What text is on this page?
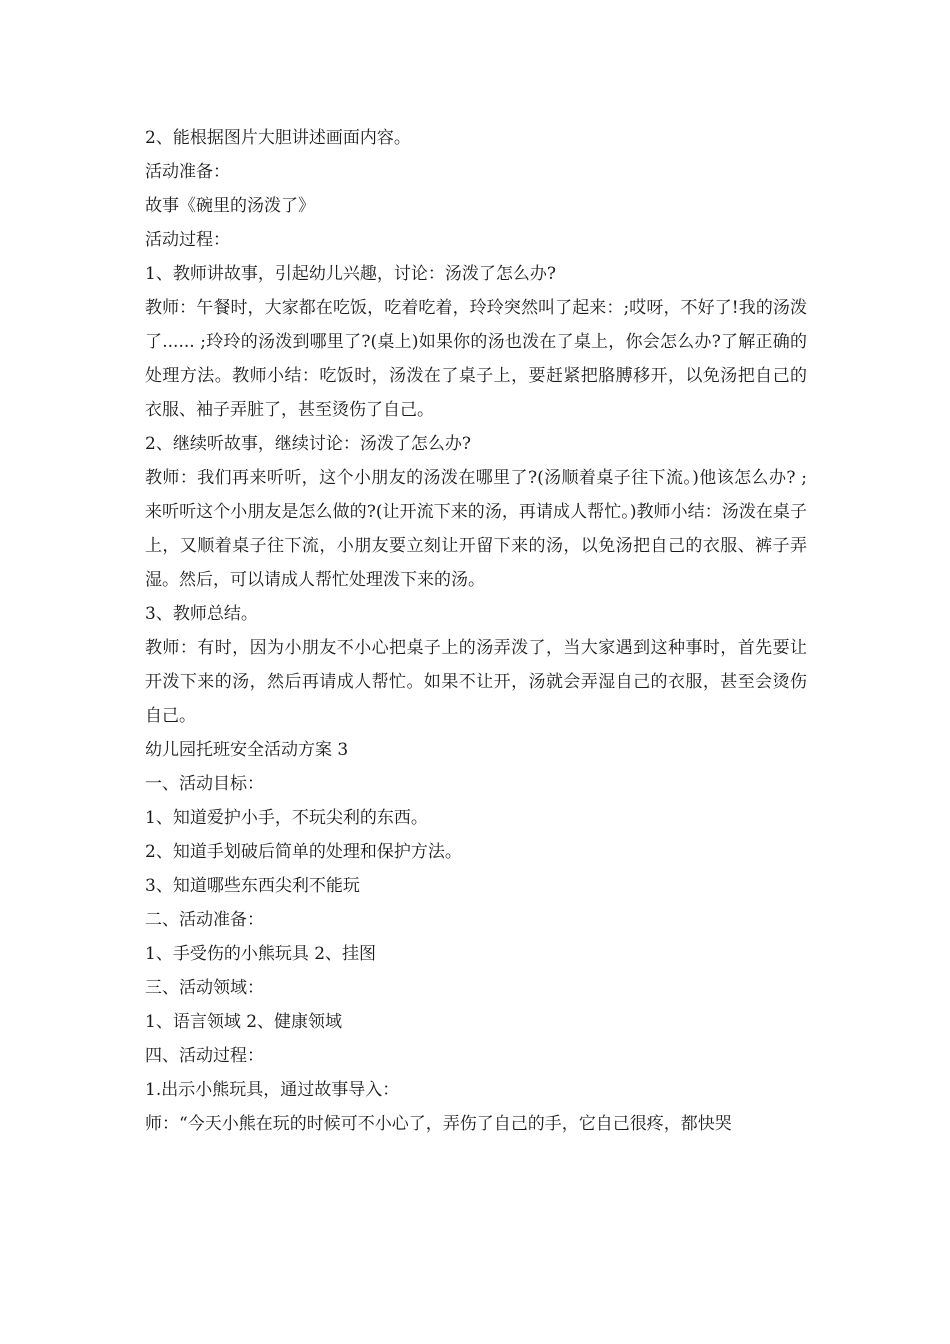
2、能根据图片大胆讲述画面内容。
活动准备：
故事《碗里的汤泼了》
活动过程：
1、教师讲故事，引起幼儿兴趣，讨论：汤泼了怎么办?
教师：午餐时，大家都在吃饭，吃着吃着，玲玲突然叫了起来：;哎呀，不好了!我的汤泼了...... ;玲玲的汤泼到哪里了?(桌上)如果你的汤也泼在了桌上，你会怎么办?了解正确的处理方法。教师小结：吃饭时，汤泼在了桌子上，要赶紧把胳膊移开，以免汤把自己的衣服、袖子弄脏了，甚至烫伤了自己。
2、继续听故事，继续讨论：汤泼了怎么办?
教师：我们再来听听，这个小朋友的汤泼在哪里了?(汤顺着桌子往下流。)他该怎么办? ;来听听这个小朋友是怎么做的?(让开流下来的汤，再请成人帮忙。)教师小结：汤泼在桌子上，又顺着桌子往下流，小朋友要立刻让开留下来的汤，以免汤把自己的衣服、裤子弄湿。然后，可以请成人帮忙处理泼下来的汤。
3、教师总结。
教师：有时，因为小朋友不小心把桌子上的汤弄泼了，当大家遇到这种事时，首先要让开泼下来的汤，然后再请成人帮忙。如果不让开，汤就会弄湿自己的衣服，甚至会烫伤自己。
幼儿园托班安全活动方案 3
一、活动目标：
1、知道爱护小手，不玩尖利的东西。
2、知道手划破后简单的处理和保护方法。
3、知道哪些东西尖利不能玩
二、活动准备：
1、手受伤的小熊玩具 2、挂图
三、活动领域：
1、语言领域 2、健康领域
四、活动过程：
1.出示小熊玩具，通过故事导入：
师：“今天小熊在玩的时候可不小心了，弄伤了自己的手，它自己很疼，都快哭
